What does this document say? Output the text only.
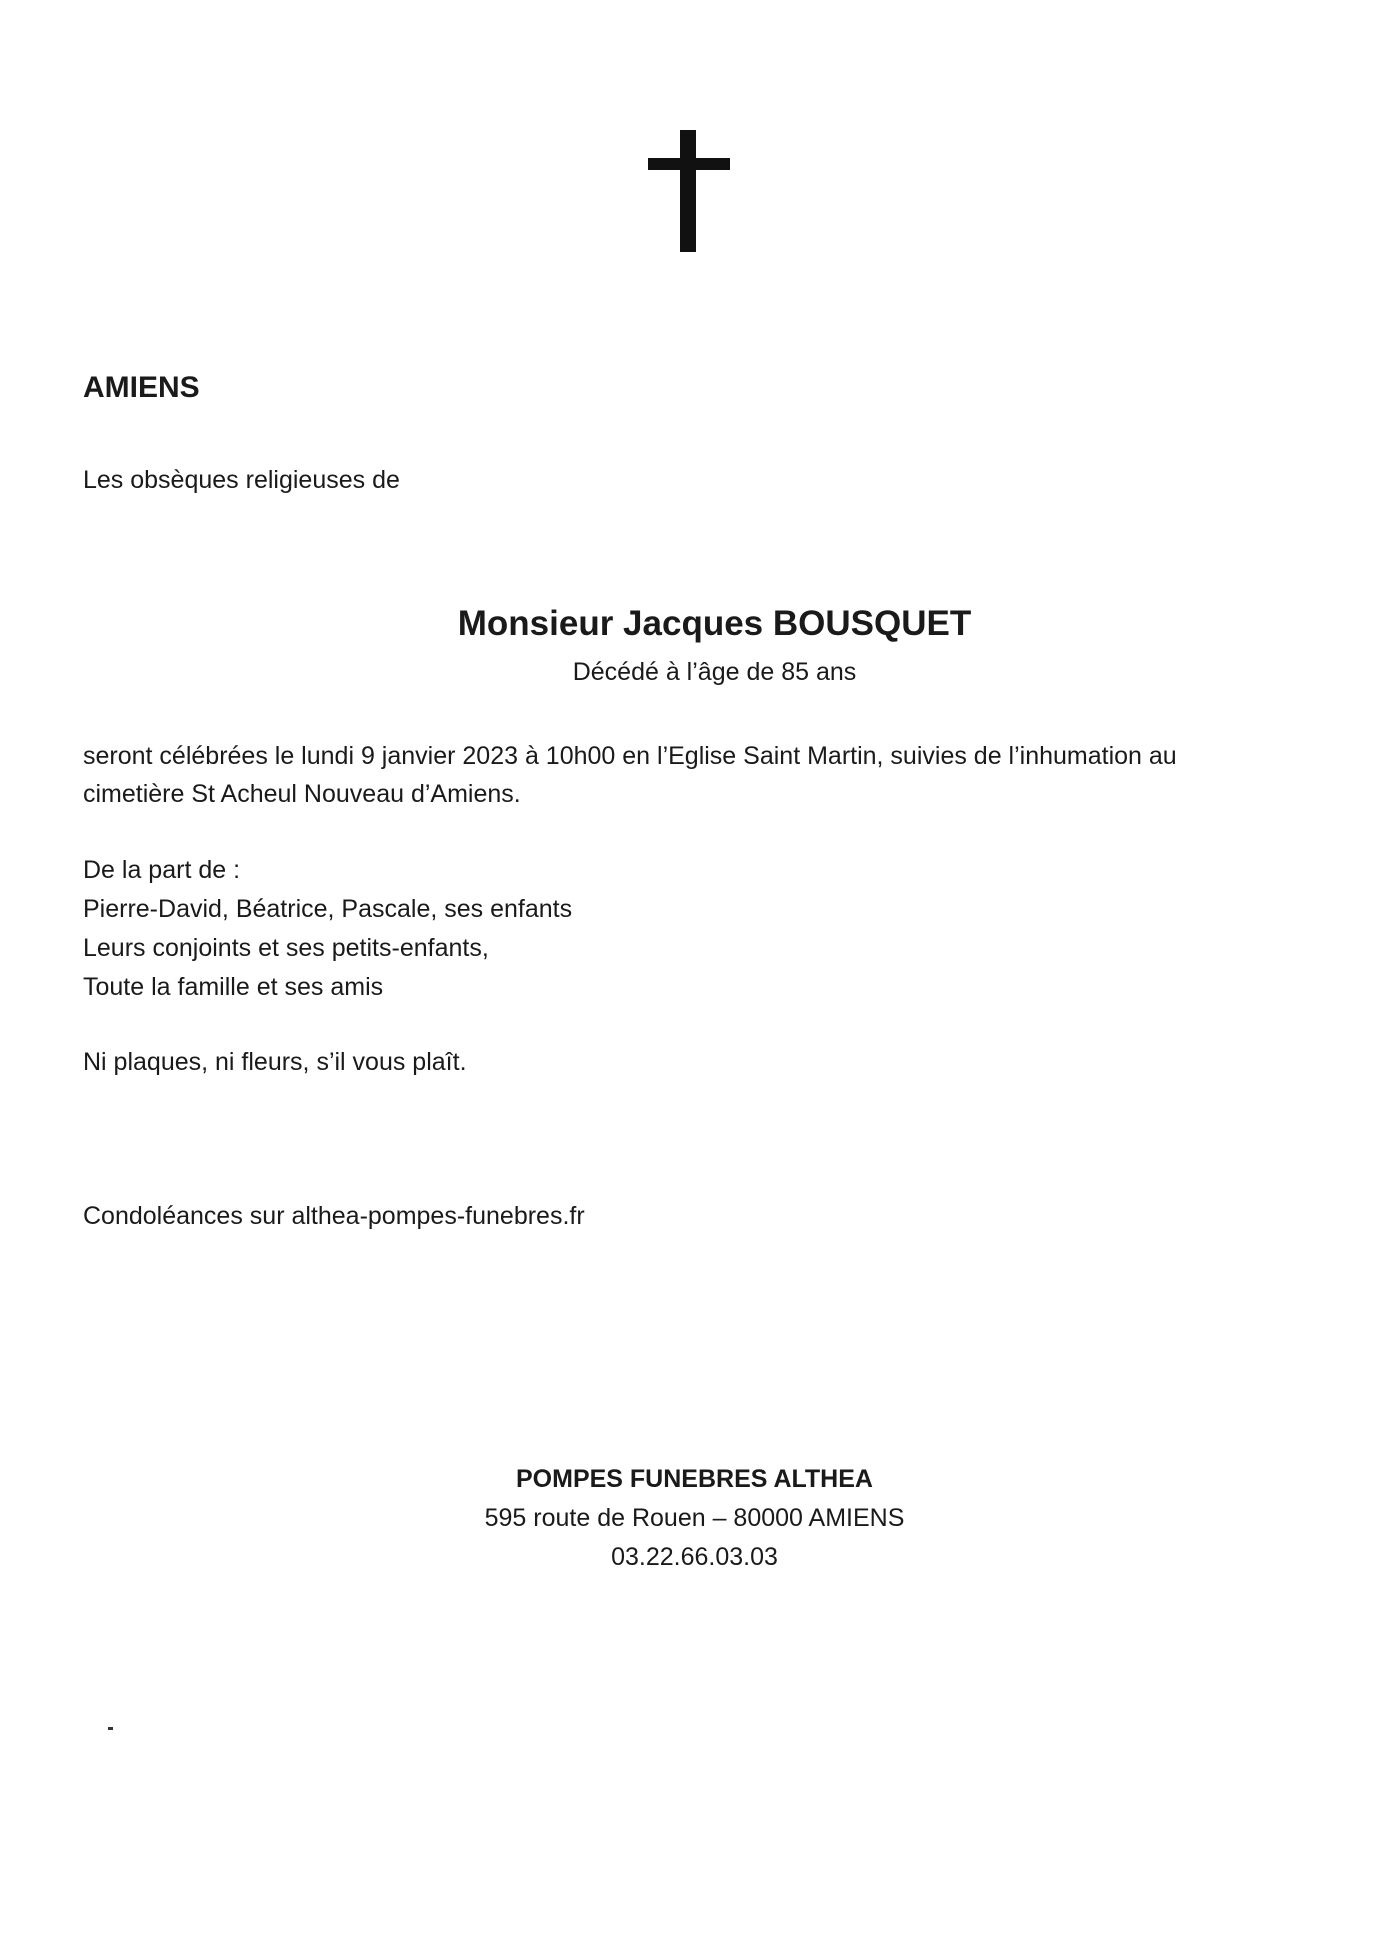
AMIENS
Les obsèques religieuses de
Monsieur Jacques BOUSQUET
Décédé à l’âge de 85 ans
seront célébrées le lundi 9 janvier 2023 à 10h00 en l’Eglise Saint Martin, suivies de l’inhumation au cimetière St Acheul Nouveau d’Amiens.
De la part de :
Pierre-David, Béatrice, Pascale, ses enfants
Leurs conjoints et ses petits-enfants,
Toute la famille et ses amis
Ni plaques, ni fleurs, s’il vous plaît.
Condoléances sur althea-pompes-funebres.fr
POMPES FUNEBRES ALTHEA
595 route de Rouen – 80000 AMIENS
03.22.66.03.03
